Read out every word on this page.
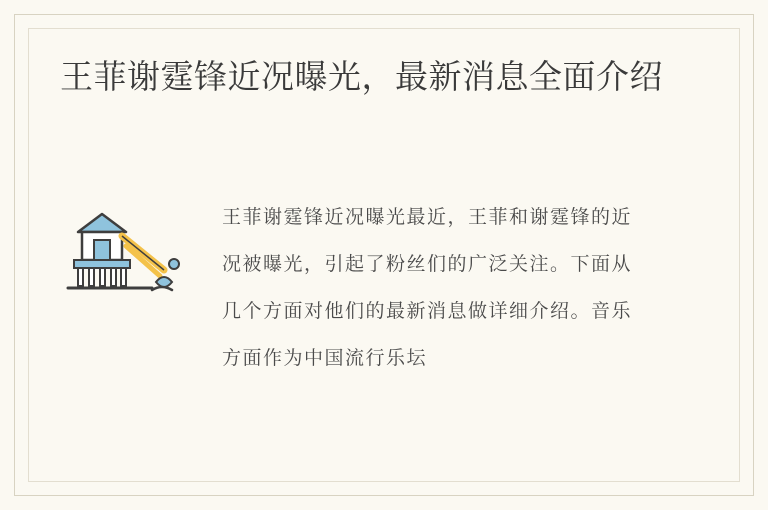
王菲谢霆锋近况曝光，最新消息全面介绍
王菲谢霆锋近况曝光最近，王菲和谢霆锋的近况被曝光，引起了粉丝们的广泛关注。下面从几个方面对他们的最新消息做详细介绍。音乐方面作为中国流行乐坛
